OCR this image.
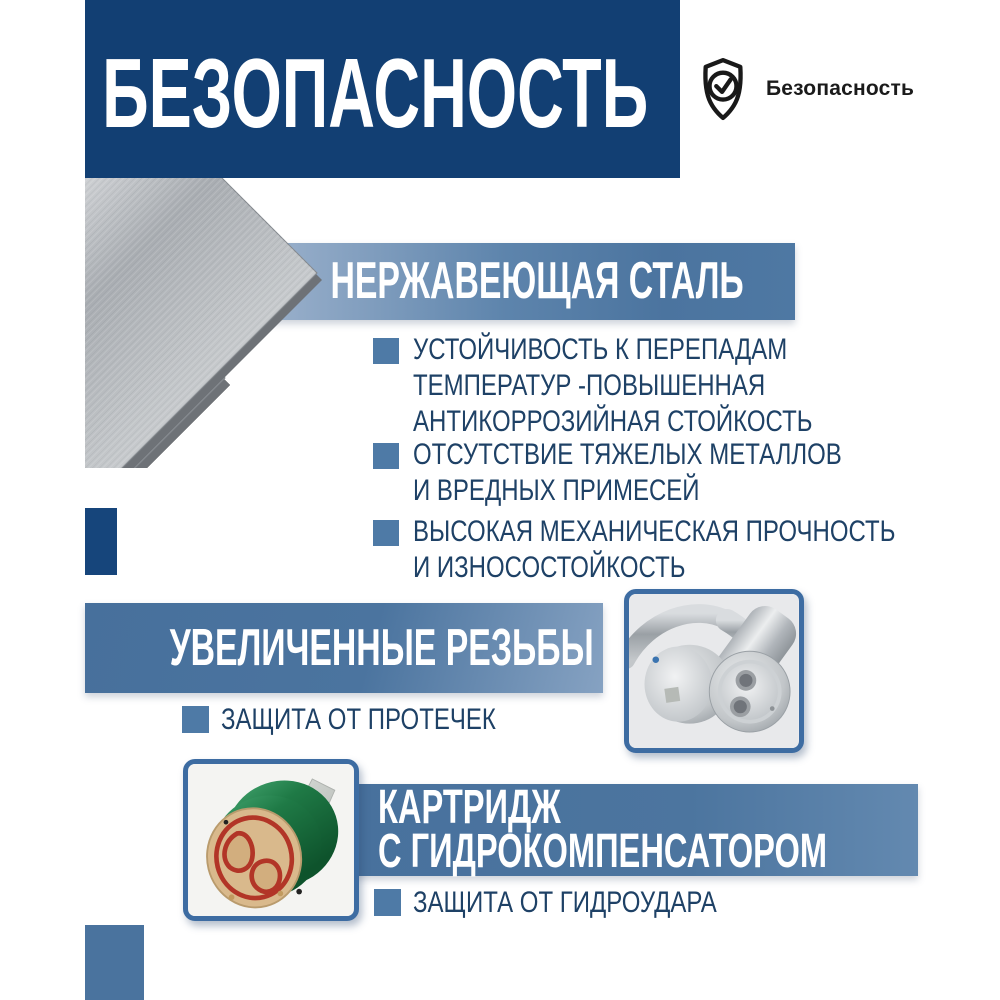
БЕЗОПАСНОСТЬ	Безопасность
НЕРЖАВЕЮЩАЯ СТАЛЬ
УСТОЙЧИВОСТЬ К ПЕРЕПАДАМ
ТЕМПЕРАТУР -ПОВЫШЕННАЯ
АНТИКОРРОЗИЙНАЯ СТОЙКОСТЬ
ОТСУТСТВИЕ ТЯЖЕЛЫХ МЕТАЛЛОВ
И ВРЕДНЫХ ПРИМЕСЕЙ
ВЫСОКАЯ МЕХАНИЧЕСКАЯ ПРОЧНОСТЬ
И ИЗНОСОСТОЙКОСТЬ
УВЕЛИЧЕННЫЕ РЕЗЬБЫ
ЗАЩИТА ОТ ПРОТЕЧЕК
КАРТРИДЖ
С ГИДРОКОМПЕНСАТОРОМ
ЗАЩИТА ОТ ГИДРОУДАРА
